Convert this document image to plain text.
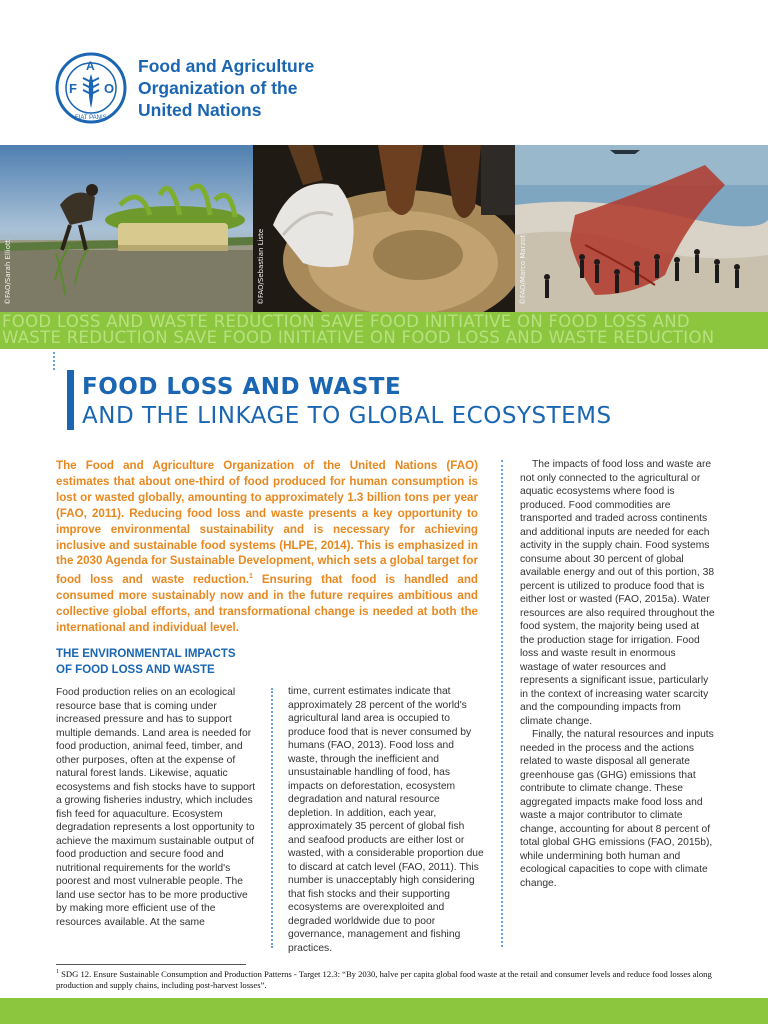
F
A
O
FIAT PANIS
Food and Agriculture
Organization of the
United Nations
©FAO/Sarah Elliott	©FAO/Sebastian Liste	©FAO/Marco Marzot
FOOD LOSS AND WASTE REDUCTION SAVE FOOD INITIATIVE ON FOOD LOSS AND
WASTE REDUCTION SAVE FOOD INITIATIVE ON FOOD LOSS AND WASTE REDUCTION
FOOD LOSS AND WASTE
AND THE LINKAGE TO GLOBAL ECOSYSTEMS
The Food and Agriculture Organization of the United Nations (FAO) estimates that about one-third of food produced for human consumption is lost or wasted globally, amounting to approximately 1.3 billion tons per year (FAO, 2011). Reducing food loss and waste presents a key opportunity to improve environmental sustainability and is necessary for achieving inclusive and sustainable food systems (HLPE, 2014). This is emphasized in the 2030 Agenda for Sustainable Development, which sets a global target for food loss and waste reduction.$^1$ Ensuring that food is handled and consumed more sustainably now and in the future requires ambitious and collective global efforts, and transformational change is needed at both the international and individual level.
THE ENVIRONMENTAL IMPACTS
OF FOOD LOSS AND WASTE
Food production relies on an ecological resource base that is coming under increased pressure and has to support multiple demands. Land area is needed for food production, animal feed, timber, and other purposes, often at the expense of natural forest lands. Likewise, aquatic ecosystems and fish stocks have to support a growing fisheries industry, which includes fish feed for aquaculture. Ecosystem degradation represents a lost opportunity to achieve the maximum sustainable output of food production and secure food and nutritional requirements for the world's poorest and most vulnerable people. The land use sector has to be more productive by making more efficient use of the resources available. At the same
time, current estimates indicate that approximately 28 percent of the world's agricultural land area is occupied to produce food that is never consumed by humans (FAO, 2013). Food loss and waste, through the inefficient and unsustainable handling of food, has impacts on deforestation, ecosystem degradation and natural resource depletion. In addition, each year, approximately 35 percent of global fish and seafood products are either lost or wasted, with a considerable proportion due to discard at catch level (FAO, 2011). This number is unacceptably high considering that fish stocks and their supporting ecosystems are overexploited and degraded worldwide due to poor governance, management and fishing practices.

The impacts of food loss and waste are not only connected to the agricultural or aquatic ecosystems where food is produced. Food commodities are transported and traded across continents and additional inputs are needed for each activity in the supply chain. Food systems consume about 30 percent of global available energy and out of this portion, 38 percent is utilized to produce food that is either lost or wasted (FAO, 2015a). Water resources are also required throughout the food system, the majority being used at the production stage for irrigation. Food loss and waste result in enormous wastage of water resources and represents a significant issue, particularly in the context of increasing water scarcity and the compounding impacts from climate change.

Finally, the natural resources and inputs needed in the process and the actions related to waste disposal all generate greenhouse gas (GHG) emissions that contribute to climate change. These aggregated impacts make food loss and waste a major contributor to climate change, accounting for about 8 percent of total global GHG emissions (FAO, 2015b), while undermining both human and ecological capacities to cope with climate change.

$^1$ SDG 12. Ensure Sustainable Consumption and Production Patterns - Target 12.3: “By 2030, halve per capita global food waste at the retail and consumer levels and reduce food losses along production and supply chains, including post-harvest losses”.
